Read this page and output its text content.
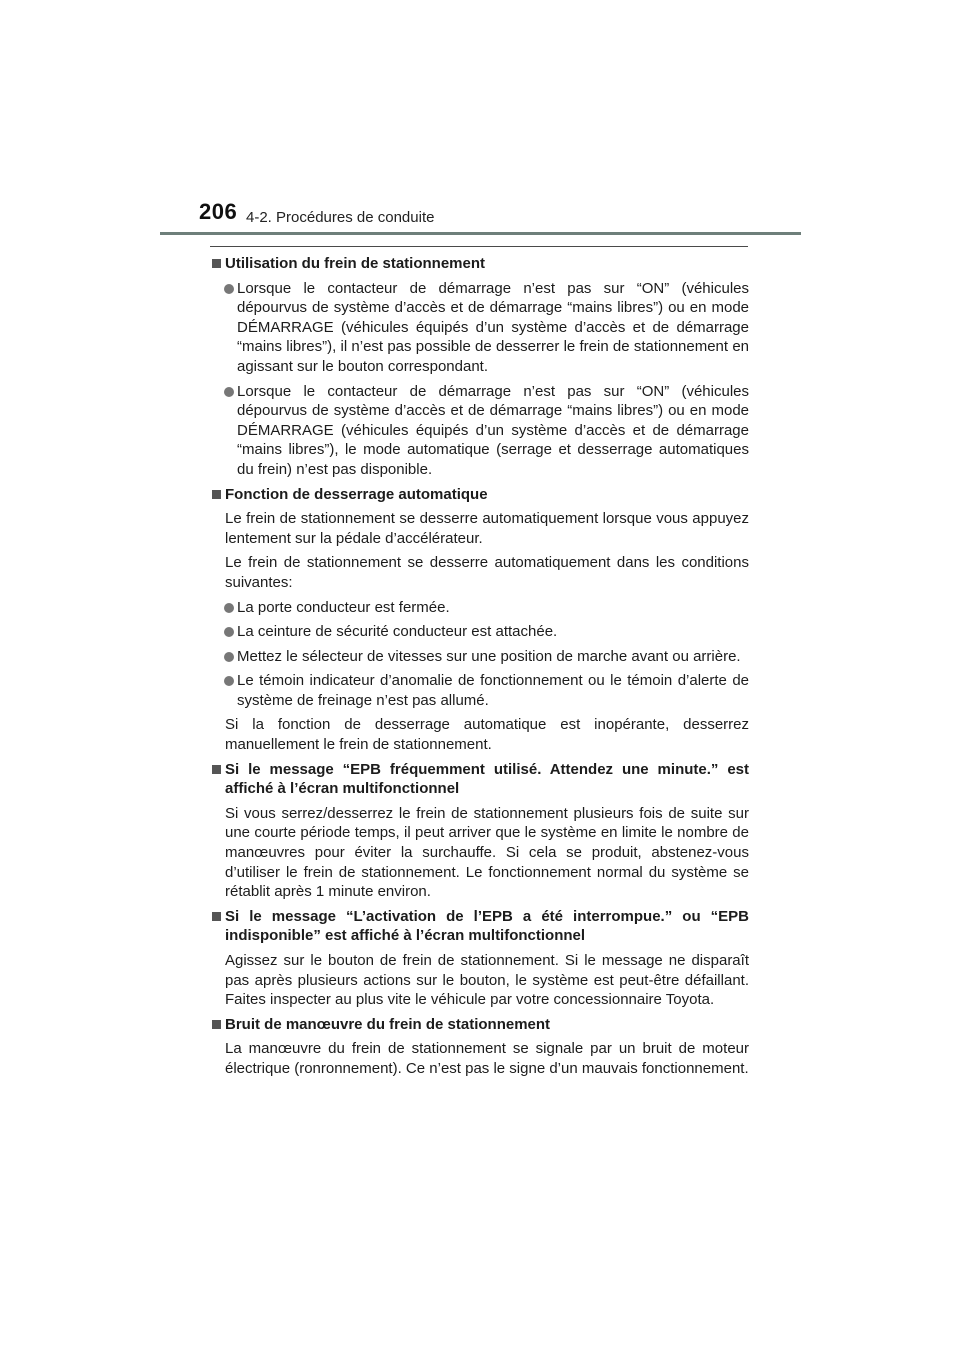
206 4-2. Procédures de conduite
Utilisation du frein de stationnement
Lorsque le contacteur de démarrage n’est pas sur “ON” (véhicules dépourvus de système d’accès et de démarrage “mains libres”) ou en mode DÉMARRAGE (véhicules équipés d’un système d’accès et de démarrage “mains libres”), il n’est pas possible de desserrer le frein de stationnement en agissant sur le bouton correspondant.
Lorsque le contacteur de démarrage n’est pas sur “ON” (véhicules dépourvus de système d’accès et de démarrage “mains libres”) ou en mode DÉMARRAGE (véhicules équipés d’un système d’accès et de démarrage “mains libres”), le mode automatique (serrage et desserrage automatiques du frein) n’est pas disponible.
Fonction de desserrage automatique
Le frein de stationnement se desserre automatiquement lorsque vous appuyez lentement sur la pédale d’accélérateur.
Le frein de stationnement se desserre automatiquement dans les conditions suivantes:
La porte conducteur est fermée.
La ceinture de sécurité conducteur est attachée.
Mettez le sélecteur de vitesses sur une position de marche avant ou arrière.
Le témoin indicateur d’anomalie de fonctionnement ou le témoin d’alerte de système de freinage n’est pas allumé.
Si la fonction de desserrage automatique est inopérante, desserrez manuellement le frein de stationnement.
Si le message “EPB fréquemment utilisé. Attendez une minute.” est affiché à l’écran multifonctionnel
Si vous serrez/desserrez le frein de stationnement plusieurs fois de suite sur une courte période temps, il peut arriver que le système en limite le nombre de manœuvres pour éviter la surchauffe. Si cela se produit, abstenez-vous d’utiliser le frein de stationnement. Le fonctionnement normal du système se rétablit après 1 minute environ.
Si le message “L’activation de l’EPB a été interrompue.” ou “EPB indisponible” est affiché à l’écran multifonctionnel
Agissez sur le bouton de frein de stationnement. Si le message ne disparaît pas après plusieurs actions sur le bouton, le système est peut-être défaillant. Faites inspecter au plus vite le véhicule par votre concessionnaire Toyota.
Bruit de manœuvre du frein de stationnement
La manœuvre du frein de stationnement se signale par un bruit de moteur électrique (ronronnement). Ce n’est pas le signe d’un mauvais fonctionnement.
